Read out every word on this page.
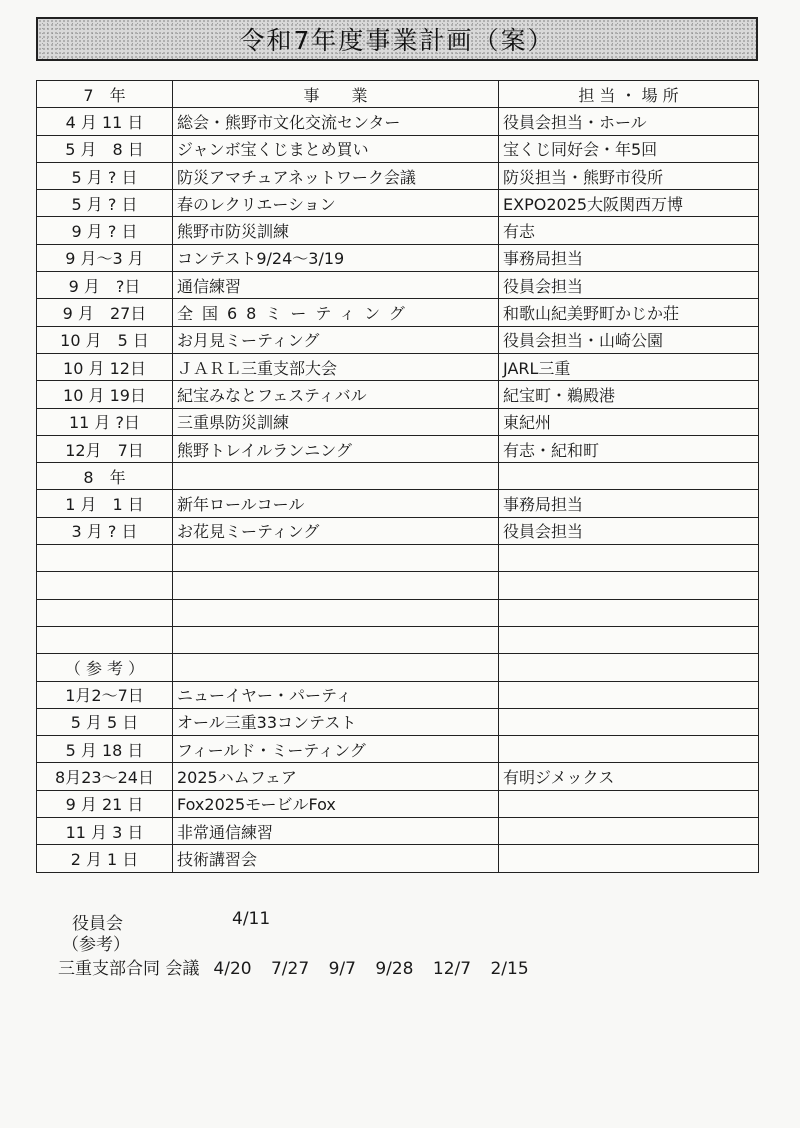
令和7年度事業計画（案）
7　年	事　　業	担 当 ・ 場 所
4 月 11 日	総会・熊野市文化交流センター	役員会担当・ホール
5 月　8 日	ジャンボ宝くじまとめ買い	宝くじ同好会・年5回
5 月 ? 日	防災アマチュアネットワーク会議	防災担当・熊野市役所
5 月 ? 日	春のレクリエーション	EXPO2025大阪関西万博
9 月 ? 日	熊野市防災訓練	有志
9 月～3 月	コンテスト9/24～3/19	事務局担当
9 月　?日	通信練習	役員会担当
9 月　27日	全国68ミーティング	和歌山紀美野町かじか荘
10 月　5 日	お月見ミーティング	役員会担当・山崎公園
10 月 12日	ＪＡＲＬ三重支部大会	JARL三重
10 月 19日	紀宝みなとフェスティバル	紀宝町・鵜殿港
11 月 ?日	三重県防災訓練	東紀州
12月　7日	熊野トレイルランニング	有志・紀和町
8　年		
1 月　1 日	新年ロールコール	事務局担当
3 月 ? 日	お花見ミーティング	役員会担当

（ 参 考 ）		
1月2～7日	ニューイヤー・パーティ	
5 月 5 日	オール三重33コンテスト	
5 月 18 日	フィールド・ミーティング	
8月23～24日	2025ハムフェア	有明ジメックス
9 月 21 日	Fox2025モービルFox	
11 月 3 日	非常通信練習	
2 月 1 日	技術講習会	
役員会	4/11
（参考）
三重支部合同 会議 4/20 7/27 9/7 9/28 12/7 2/15
